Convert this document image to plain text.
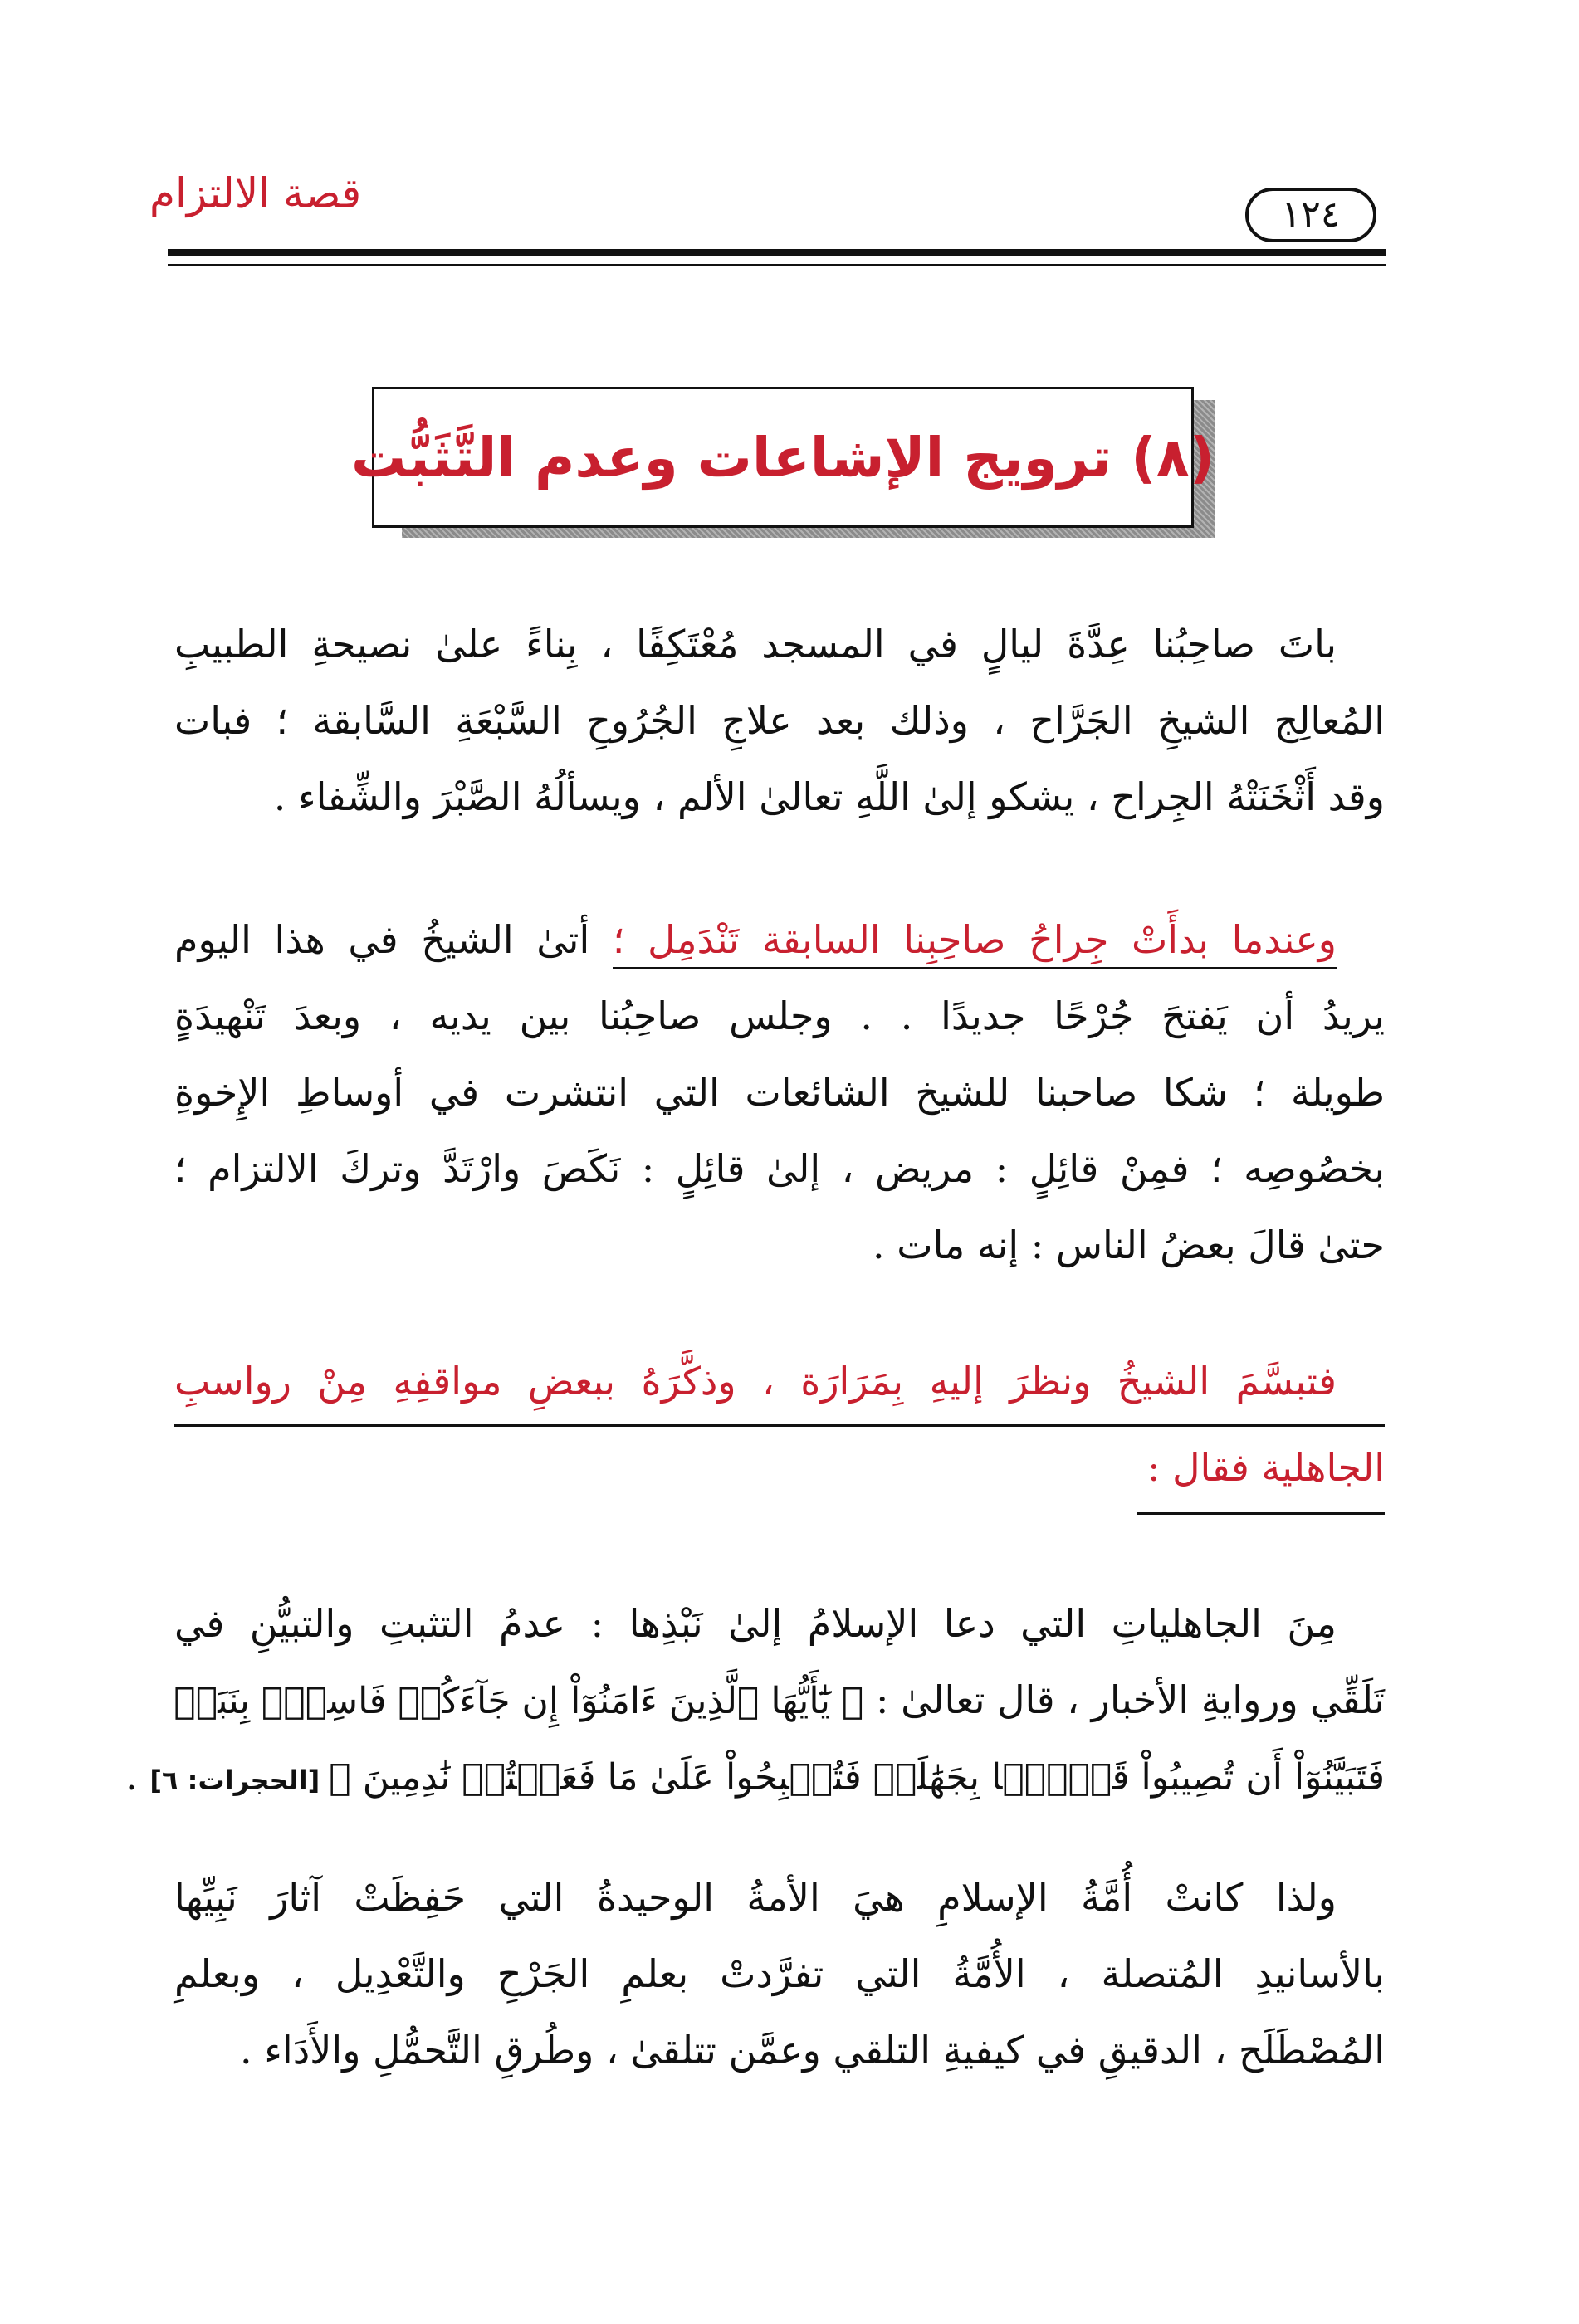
قصة الالتزام	١٢٤
(٨) ترويج الإشاعات وعدم التَّثَبُّت
باتَ صاحِبُنا عِدَّةَ ليالٍ في المسجد مُعْتَكِفًا ، بِناءً علىٰ نصيحةِ الطبيبِ
المُعالِج الشيخِ الجَرَّاح ، وذلك بعد علاجِ الجُرُوحِ السَّبْعَةِ السَّابقة ؛ فبات
وقد أَثْخَنَتْهُ الجِراح ، يشكو إلىٰ اللَّهِ تعالىٰ الألم ، ويسألُهُ الصَّبْرَ والشِّفاء .
وعندما بدأَتْ جِراحُ صاحِبِنا السابقة تَنْدَمِل ؛ أتىٰ الشيخُ في هذا اليوم
يريدُ أن يَفتحَ جُرْحًا جديدًا . . وجلس صاحِبُنا بين يديه ، وبعدَ تَنْهيدَةٍ
طويلة ؛ شكا صاحبنا للشيخ الشائعات التي انتشرت في أوساطِ الإِخوةِ
بخصُوصِه ؛ فمِنْ قائِلٍ : مريض ، إلىٰ قائِلٍ : نَكَصَ وارْتَدَّ وتركَ الالتزام ؛
حتىٰ قالَ بعضُ الناس : إنه مات .
فتبسَّمَ الشيخُ ونظرَ إليهِ بِمَرَارَة ، وذكَّرَهُ ببعضِ مواقفِهِ مِنْ رواسبِ
الجاهلية فقال :
مِنَ الجاهلياتِ التي دعا الإسلامُ إلىٰ نَبْذِها : عدمُ التثبتِ والتبيُّنِ في
تَلَقِّي وروايةِ الأخبار ، قال تعالىٰ : ﴿ يَٰٓأَيُّهَا ٱلَّذِينَ ءَامَنُوٓاْ إِن جَآءَكُمۡ فَاسِقُۢ بِنَبَإٖ
فَتَبَيَّنُوٓاْ أَن تُصِيبُواْ قَوۡمَۢا بِجَهَٰلَةٖ فَتُصۡبِحُواْ عَلَىٰ مَا فَعَلۡتُمۡ نَٰدِمِينَ ﴾ [الحجرات: ٦] .
ولذا كانتْ أُمَّةُ الإسلامِ هيَ الأمةُ الوحيدةُ التي حَفِظَتْ آثارَ نَبِيِّها
بالأسانيدِ المُتصلة ، الأُمَّةُ التي تفرَّدتْ بعلمِ الجَرْحِ والتَّعْدِيل ، وبعلمِ
المُصْطَلَح ، الدقيقِ في كيفيةِ التلقي وعمَّن تتلقىٰ ، وطُرقِ التَّحمُّلِ والأَدَاء .
